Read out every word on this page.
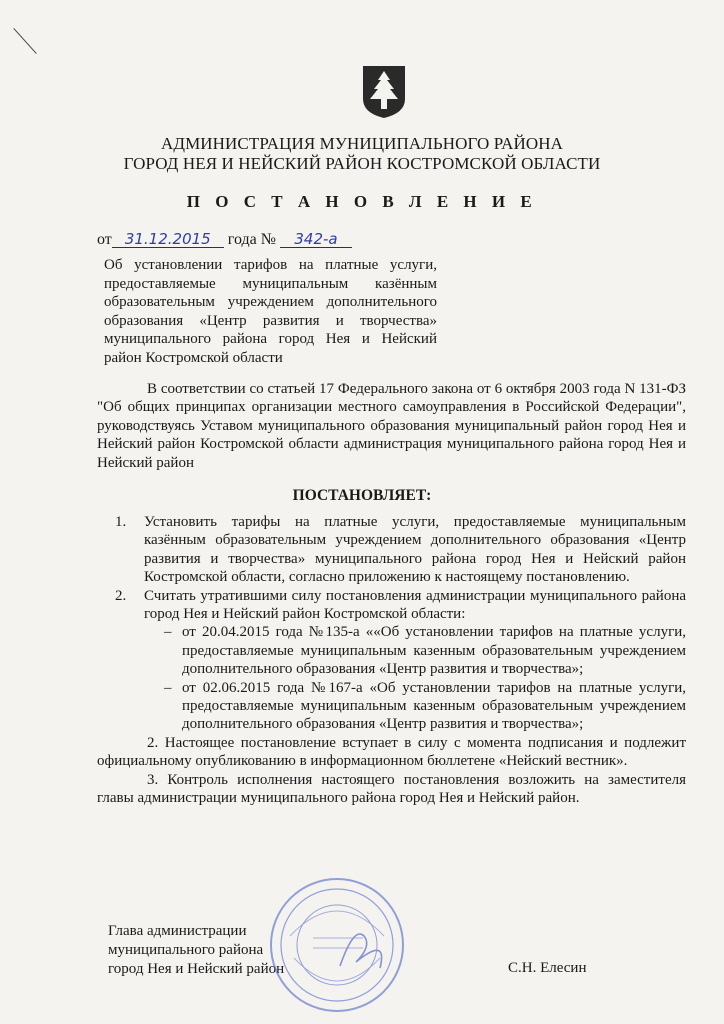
АДМИНИСТРАЦИЯ МУНИЦИПАЛЬНОГО РАЙОНА
ГОРОД НЕЯ И НЕЙСКИЙ РАЙОН КОСТРОМСКОЙ ОБЛАСТИ
П О С Т А Н О В Л Е Н И Е
от 31.12.2015 года № 342-а
Об установлении тарифов на платные услуги, предоставляемые муниципальным казённым образовательным учреждением дополнительного образования «Центр развития и творчества» муниципального района город Нея и Нейский район Костромской области
В соответствии со статьей 17 Федерального закона от 6 октября 2003 года N 131-ФЗ "Об общих принципах организации местного самоуправления в Российской Федерации", руководствуясь Уставом муниципального образования муниципальный район город Нея и Нейский район Костромской области администрация муниципального района город Нея и Нейский район
ПОСТАНОВЛЯЕТ:
1. Установить тарифы на платные услуги, предоставляемые муниципальным казённым образовательным учреждением дополнительного образования «Центр развития и творчества» муниципального района город Нея и Нейский район Костромской области, согласно приложению к настоящему постановлению.
2. Считать утратившими силу постановления администрации муниципального района город Нея и Нейский район Костромской области:
– от 20.04.2015 года №135-а ««Об установлении тарифов на платные услуги, предоставляемые муниципальным казенным образовательным учреждением дополнительного образования «Центр развития и творчества»;
– от 02.06.2015 года №167-а «Об установлении тарифов на платные услуги, предоставляемые муниципальным казенным образовательным учреждением дополнительного образования «Центр развития и творчества»;
2. Настоящее постановление вступает в силу с момента подписания и подлежит официальному опубликованию в информационном бюллетене «Нейский вестник».
3. Контроль исполнения настоящего постановления возложить на заместителя главы администрации муниципального района город Нея и Нейский район.
Глава администрации
муниципального района
город Нея и Нейский район	С.Н. Елесин
